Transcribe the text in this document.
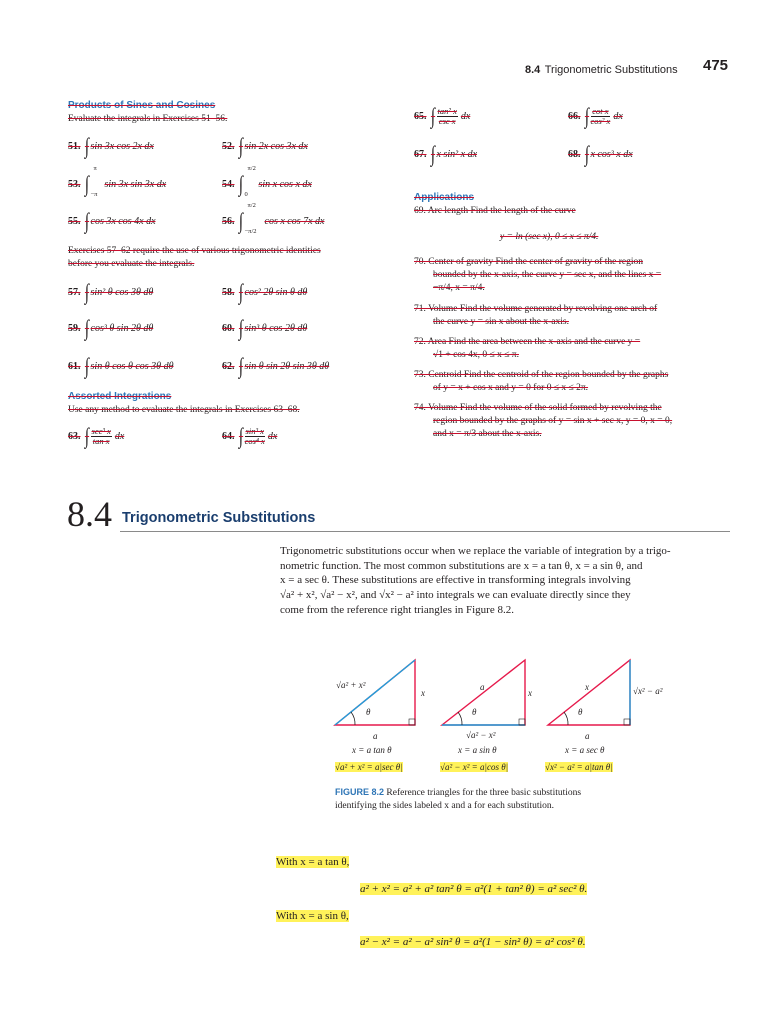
8.4 Trigonometric Substitutions 475
Products of Sines and Cosines
Evaluate the integrals in Exercises 51–56.
51. ∫ sin 3x cos 2x dx	52. ∫ sin 2x cos 3x dx
53. ∫
π
−π
sin 3x sin 3x dx	54. ∫
π/2
0
sin x cos x dx
55. ∫ cos 3x cos 4x dx	56. ∫
π/2
−π/2
cos x cos 7x dx
Exercises 57–62 require the use of various trigonometric identities
before you evaluate the integrals.
57. ∫ sin² θ cos 3θ dθ	58. ∫ cos² 2θ sin θ dθ
59. ∫ cos³ θ sin 2θ dθ	60. ∫ sin³ θ cos 2θ dθ
61. ∫ sin θ cos θ cos 3θ dθ	62. ∫ sin θ sin 2θ sin 3θ dθ
Assorted Integrations
Use any method to evaluate the integrals in Exercises 63–68.
63. ∫ $\frac{\text{sec³ x}}{\text{tan x}}$ dx	64. ∫ $\frac{\text{sin³ x}}{\text{cos⁴ x}}$ dx
65. ∫ $\frac{\text{tan² x}}{\text{csc x}}$ dx	66. ∫ $\frac{\text{cot x}}{\text{cos² x}}$ dx
67. ∫ x sin² x dx	68. ∫ x cos³ x dx
Applications
69. Arc length Find the length of the curve
y = ln (sec x), 0 ≤ x ≤ π/4.
70. Center of gravity Find the center of gravity of the region
bounded by the x-axis, the curve y = sec x, and the lines x =
−π/4, x = π/4.
71. Volume Find the volume generated by revolving one arch of
the curve y = sin x about the x-axis.
72. Area Find the area between the x-axis and the curve y =
√1 + cos 4x, 0 ≤ x ≤ π.
73. Centroid Find the centroid of the region bounded by the graphs
of y = x + cos x and y = 0 for 0 ≤ x ≤ 2π.
74. Volume Find the volume of the solid formed by revolving the
region bounded by the graphs of y = sin x + sec x, y = 0, x = 0,
and x = π/3 about the x-axis.
8.4 Trigonometric Substitutions
Trigonometric substitutions occur when we replace the variable of integration by a trigo-
nometric function. The most common substitutions are x = a tan θ, x = a sin θ, and
x = a sec θ. These substitutions are effective in transforming integrals involving
√a² + x², √a² − x², and √x² − a² into integrals we can evaluate directly since they
come from the reference right triangles in Figure 8.2.
√a² + x²
x
θ
a
a
x
θ
√a² − x²
x	√x² − a²
θ
a
x = a tan θ	x = a sin θ	x = a sec θ
√a² + x² = a|sec θ|	√a² − x² = a|cos θ|	√x² − a² = a|tan θ|
FIGURE 8.2 Reference triangles for the three basic substitutions
identifying the sides labeled x and a for each substitution.
With x = a tan θ,
a² + x² = a² + a² tan² θ = a²(1 + tan² θ) = a² sec² θ.
With x = a sin θ,
a² − x² = a² − a² sin² θ = a²(1 − sin² θ) = a² cos² θ.
